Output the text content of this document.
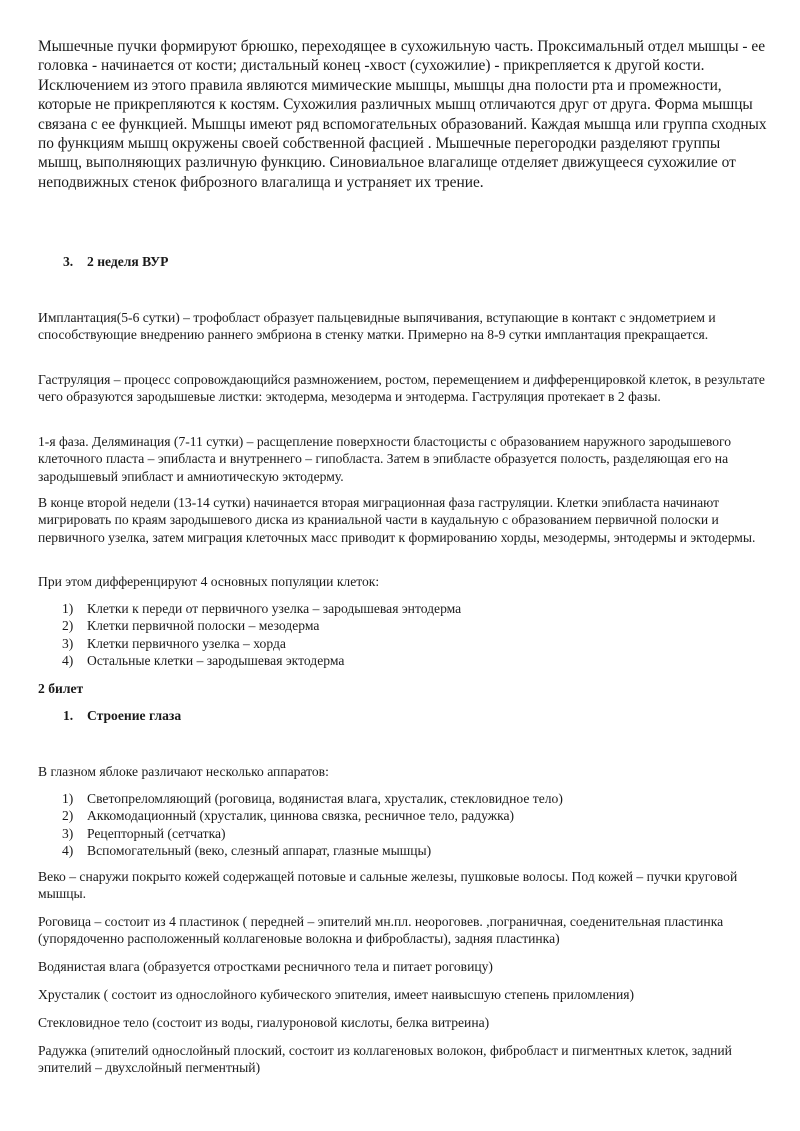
Мышечные пучки формируют брюшко, переходящее в сухожильную часть. Проксимальный отдел мышцы - ее головка - начинается от кости; дистальный конец -хвост (сухожилие) - прикрепляется к другой кости. Исключением из этого правила являются мимические мышцы, мышцы дна полости рта и промежности, которые не прикрепляются к костям. Сухожилия различных мышц отличаются друг от друга. Форма мышцы связана с ее функцией. Мышцы имеют ряд вспомогательных образований. Каждая мышца или группа сходных по функциям мышц окружены своей собственной фасцией . Мышечные перегородки разделяют группы мышц, выполняющих различную функцию. Синовиальное влагалище отделяет движущееся сухожилие от неподвижных стенок фиброзного влагалища и устраняет их трение.

3. 2 неделя ВУР

Имплантация(5-6 сутки) – трофобласт образует пальцевидные выпячивания, вступающие в контакт с эндометрием и способствующие внедрению раннего эмбриона в стенку матки. Примерно на 8-9 сутки имплантация прекращается.

Гаструляция – процесс сопровождающийся размножением, ростом, перемещением и дифференцировкой клеток, в результате чего образуются зародышевые листки: эктодерма, мезодерма и энтодерма. Гаструляция протекает в 2 фазы.

1-я фаза. Деляминация (7-11 сутки) – расщепление поверхности бластоцисты с образованием наружного зародышевого клеточного пласта – эпибласта и внутреннего – гипобласта. Затем в эпибласте образуется полость, разделяющая его на зародышевый эпибласт и амниотическую эктодерму.

В конце второй недели (13-14 сутки) начинается вторая миграционная фаза гаструляции. Клетки эпибласта начинают мигрировать по краям зародышевого диска из краниальной части в каудальную с образованием первичной полоски и первичного узелка, затем миграция клеточных масс приводит к формированию хорды, мезодермы, энтодермы и эктодермы.

При этом дифференцируют 4 основных популяции клеток:

1) Клетки к переди от первичного узелка – зародышевая энтодерма
2) Клетки первичной полоски – мезодерма
3) Клетки первичного узелка – хорда
4) Остальные клетки – зародышевая эктодерма

2 билет

1. Строение глаза

В глазном яблоке различают несколько аппаратов:

1) Светопреломляющий (роговица, водянистая влага, хрусталик, стекловидное тело)
2) Аккомодационный (хрусталик, циннова связка, ресничное тело, радужка)
3) Рецепторный (сетчатка)
4) Вспомогательный (веко, слезный аппарат, глазные мышцы)

Веко – снаружи покрыто кожей содержащей потовые и сальные железы, пушковые волосы. Под кожей – пучки круговой мышцы.

Роговица – состоит из 4 пластинок ( передней – эпителий мн.пл. неороговев. ,пограничная, соеденительная пластинка (упорядоченно расположенный коллагеновые волокна и фибробласты), задняя пластинка)

Водянистая влага (образуется отростками ресничного тела и питает роговицу)

Хрусталик ( состоит из однослойного кубического эпителия, имеет наивысшую степень приломления)

Стекловидное тело (состоит из воды, гиалуроновой кислоты, белка витреина)

Радужка (эпителий однослойный плоский, состоит из коллагеновых волокон, фибробласт и пигментных клеток, задний эпителий – двухслойный пегментный)
